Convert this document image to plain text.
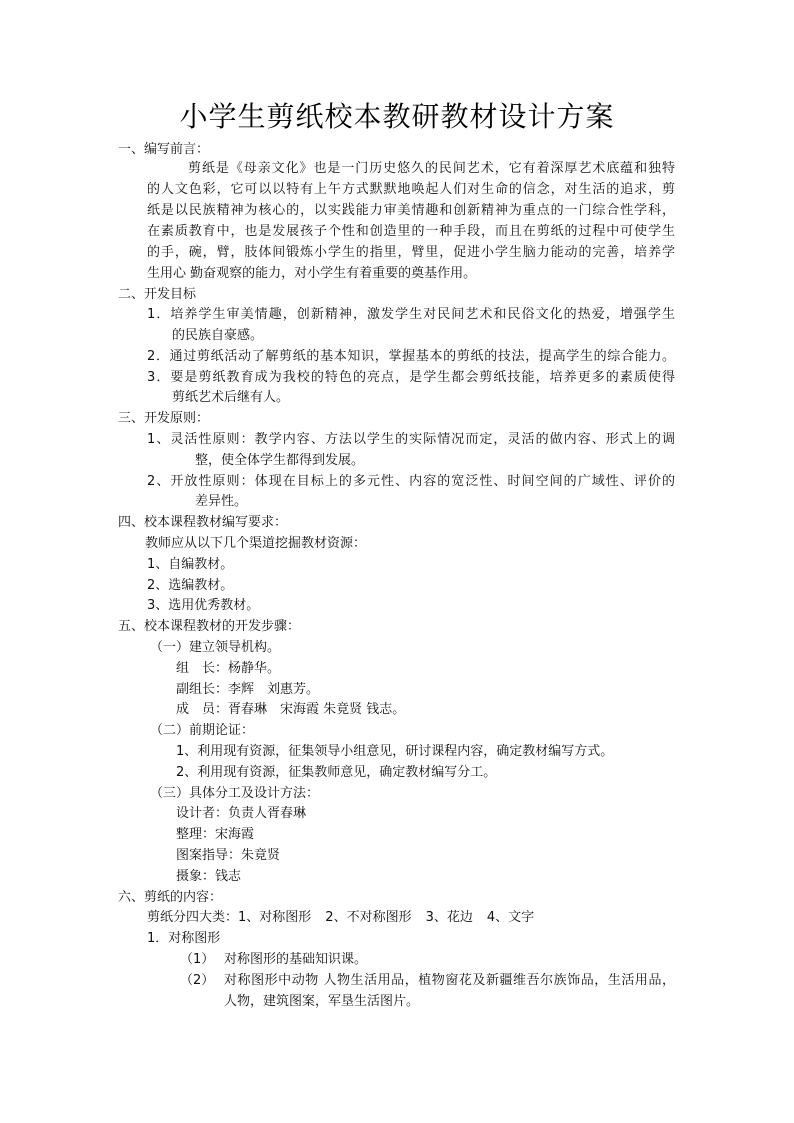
小学生剪纸校本教研教材设计方案
一、编写前言：
剪纸是《母亲文化》也是一门历史悠久的民间艺术，它有着深厚艺术底蕴和独特
的人文色彩，它可以以特有上午方式默默地唤起人们对生命的信念，对生活的追求，剪
纸是以民族精神为核心的，以实践能力审美情趣和创新精神为重点的一门综合性学科，
在素质教育中，也是发展孩子个性和创造里的一种手段，而且在剪纸的过程中可使学生
的手，碗，臂，肢体间锻炼小学生的指里，臂里，促进小学生脑力能动的完善，培养学
生用心 勤奋观察的能力，对小学生有着重要的奠基作用。
二、开发目标
1．培养学生审美情趣，创新精神，激发学生对民间艺术和民俗文化的热爱，增强学生
的民族自豪感。
2．通过剪纸活动了解剪纸的基本知识，掌握基本的剪纸的技法，提高学生的综合能力。
3．要是剪纸教育成为我校的特色的亮点，是学生都会剪纸技能，培养更多的素质使得
剪纸艺术后继有人。
三、开发原则：
1、灵活性原则：教学内容、方法以学生的实际情况而定，灵活的做内容、形式上的调
整，使全体学生都得到发展。
2、开放性原则：体现在目标上的多元性、内容的宽泛性、时间空间的广域性、评价的
差异性。
四、校本课程教材编写要求：
教师应从以下几个渠道挖掘教材资源：
1、自编教材。
2、选编教材。
3、选用优秀教材。
五、校本课程教材的开发步骤：
（一）建立领导机构。
组　长：杨静华。
副组长：李辉　刘惠芳。
成　员：胥春琳　宋海霞 朱竟贤 钱志。
（二）前期论证：
1、利用现有资源，征集领导小组意见，研讨课程内容，确定教材编写方式。
2、利用现有资源，征集教师意见，确定教材编写分工。
（三）具体分工及设计方法：
设计者：负责人胥春琳
整理：宋海霞
图案指导：朱竟贤
摄象：钱志
六、剪纸的内容：
剪纸分四大类：1、对称图形 2、不对称图形 3、花边 4、文字
1．对称图形
（1） 对称图形的基础知识课。
（2） 对称图形中动物 人物生活用品，植物窗花及新疆维吾尔族饰品，生活用品，
人物，建筑图案，军垦生活图片。
